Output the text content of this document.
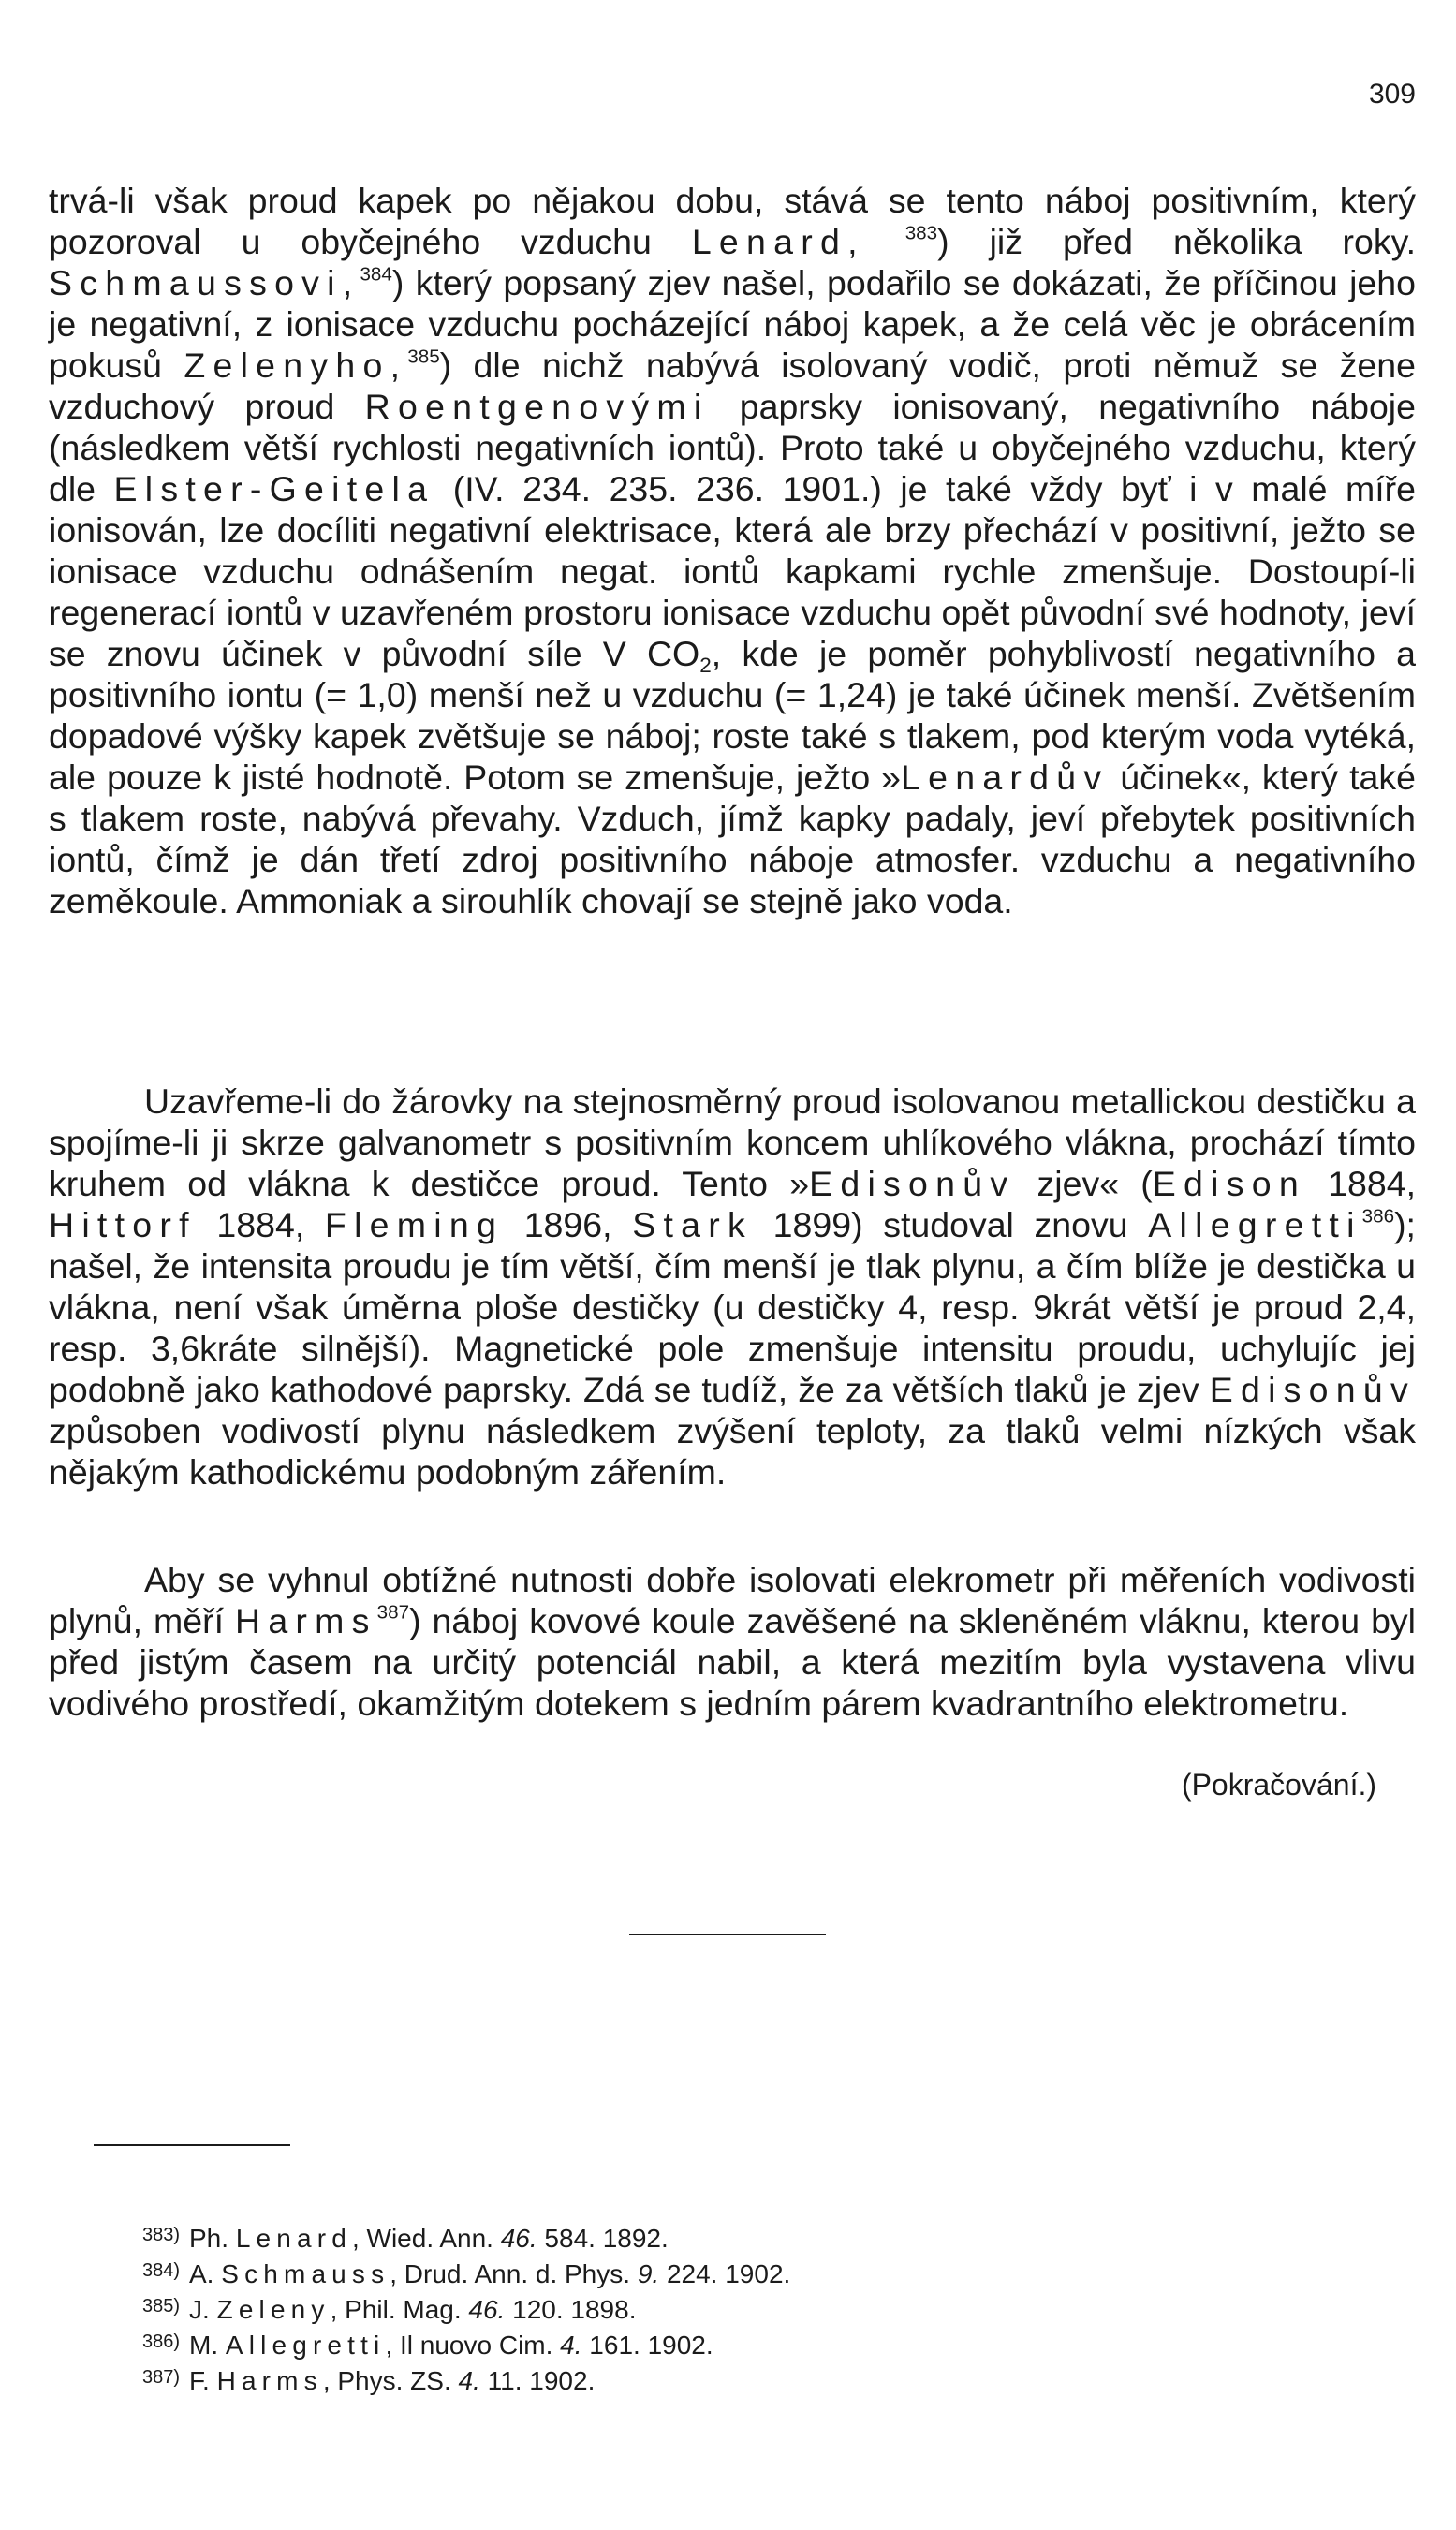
309

trvá-li však proud kapek po nějakou dobu, stává se tento náboj positivním, který pozoroval u obyčejného vzduchu Lenard, $^{383}$) již před několika roky. Schmaussovi,$^{384}$) který popsaný zjev našel, podařilo se dokázati, že příčinou jeho je negativní, z ionisace vzduchu pocházející náboj kapek, a že celá věc je obrácením pokusů Zelenyho,$^{385}$) dle nichž nabývá isolovaný vodič, proti němuž se žene vzduchový proud Roentgenovými paprsky ionisovaný, negativního náboje (následkem větší rychlosti negativních iontů). Proto také u obyčejného vzduchu, který dle Elster-Geitela (IV. 234. 235. 236. 1901.) je také vždy byť i v malé míře ionisován, lze docíliti negativní elektrisace, která ale brzy přechází v positivní, ježto se ionisace vzduchu odnášením negat. iontů kapkami rychle zmenšuje. Dostoupí-li regenerací iontů v uzavřeném prostoru ionisace vzduchu opět původní své hodnoty, jeví se znovu účinek v původní síle V $CO_2$, kde je poměr pohyblivostí negativního a positivního iontu (= 1,0) menší než u vzduchu (= 1,24) je také účinek menší. Zvětšením dopadové výšky kapek zvětšuje se náboj; roste také s tlakem, pod kterým voda vytéká, ale pouze k jisté hodnotě. Potom se zmenšuje, ježto »Lenardův účinek«, který také s tlakem roste, nabývá převahy. Vzduch, jímž kapky padaly, jeví přebytek positivních iontů, čímž je dán třetí zdroj positivního náboje atmosfer. vzduchu a negativního zeměkoule. Ammoniak a sirouhlík chovají se stejně jako voda.

Uzavřeme-li do žárovky na stejnosměrný proud isolovanou metallickou destičku a spojíme-li ji skrze galvanometr s positivním koncem uhlíkového vlákna, prochází tímto kruhem od vlákna k destičce proud. Tento »Edisonův zjev« (Edison 1884, Hittorf 1884, Fleming 1896, Stark 1899) studoval znovu Allegretti$^{386}$); našel, že intensita proudu je tím větší, čím menší je tlak plynu, a čím blíže je destička u vlákna, není však úměrna ploše destičky (u destičky 4, resp. 9krát větší je proud 2,4, resp. 3,6kráte silnější). Magnetické pole zmenšuje intensitu proudu, uchylujíc jej podobně jako kathodové paprsky. Zdá se tudíž, že za větších tlaků je zjev Edisonův způsoben vodivostí plynu následkem zvýšení teploty, za tlaků velmi nízkých však nějakým kathodickému podobným zářením.

Aby se vyhnul obtížné nutnosti dobře isolovati elekrometr při měřeních vodivosti plynů, měří Harms$^{387}$) náboj kovové koule zavěšené na skleněném vláknu, kterou byl před jistým časem na určitý potenciál nabil, a která mezitím byla vystavena vlivu vodivého prostředí, okamžitým dotekem s jedním párem kvadrantního elektrometru.

(Pokračování.)
383) Ph. Lenard, Wied. Ann. 46. 584. 1892.
384) A. Schmauss, Drud. Ann. d. Phys. 9. 224. 1902.
385) J. Zeleny, Phil. Mag. 46. 120. 1898.
386) M. Allegretti, Il nuovo Cim. 4. 161. 1902.
387) F. Harms, Phys. ZS. 4. 11. 1902.
